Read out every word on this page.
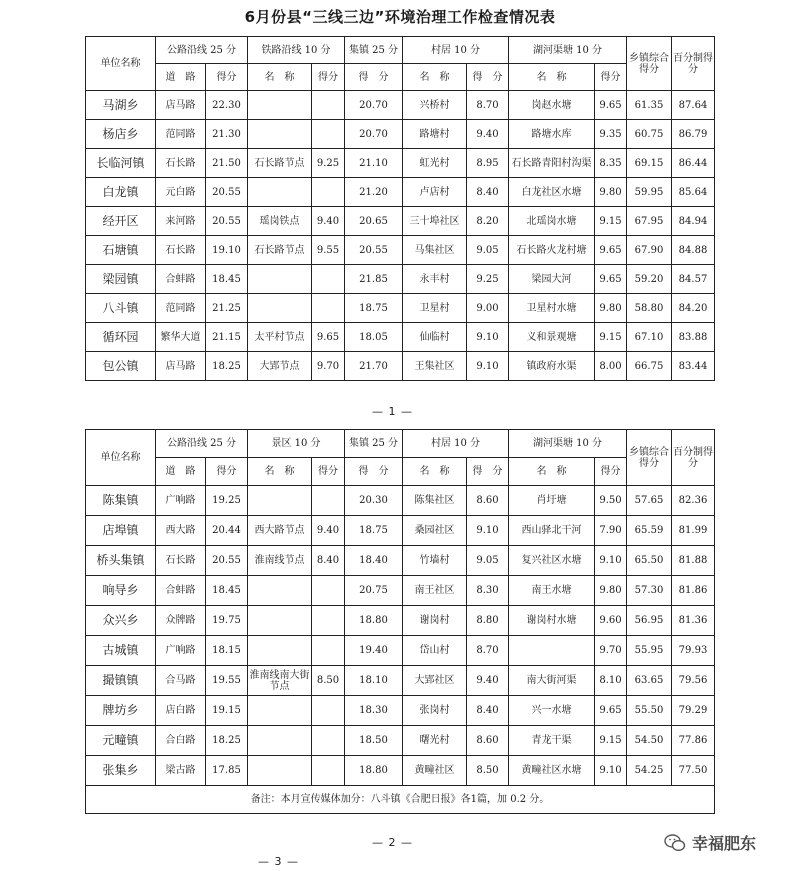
6月份县“三线三边”环境治理工作检查情况表
单位名称	公路沿线 25 分		铁路沿线 10 分		集镇 25 分	村居 10 分		湖河渠塘 10 分		乡镇综合得分	百分制得分
	道　路	得分	名　称	得分	得　分	名　称	得　分	名　称	得分		
马湖乡	店马路	22.30			20.70	兴桥村	8.70	岗赵水塘	9.65	61.35	87.64
杨店乡	范同路	21.30			20.70	路塘村	9.40	路塘水库	9.35	60.75	86.79
长临河镇	石长路	21.50	石长路节点	9.25	21.10	虹光村	8.95	石长路青阳村沟渠	8.35	69.15	86.44
白龙镇	元白路	20.55			21.20	卢店村	8.40	白龙社区水塘	9.80	59.95	85.64
经开区	来河路	20.55	瑶岗铁点	9.40	20.65	三十埠社区	8.20	北瑶岗水塘	9.15	67.95	84.94
石塘镇	石长路	19.10	石长路节点	9.55	20.55	马集社区	9.05	石长路火龙村塘	9.65	67.90	84.88
梁园镇	合蚌路	18.45			21.85	永丰村	9.25	梁园大河	9.65	59.20	84.57
八斗镇	范同路	21.25			18.75	卫星村	9.00	卫星村水塘	9.80	58.80	84.20
循环园	繁华大道	21.15	太平村节点	9.65	18.05	仙临村	9.10	义和景观塘	9.15	67.10	83.88
包公镇	店马路	18.25	大郢节点	9.70	21.70	王集社区	9.10	镇政府水渠	8.00	66.75	83.44
— 1 —
单位名称	公路沿线 25 分		景区 10 分		集镇 25 分	村居 10 分		湖河渠塘 10 分		乡镇综合得分	百分制得分
	道　路	得分	名　称	得分	得　分	名　称	得　分	名　称	得分		
陈集镇	广响路	19.25			20.30	陈集社区	8.60	肖圩塘	9.50	57.65	82.36
店埠镇	西大路	20.44	西大路节点	9.40	18.75	桑园社区	9.10	西山驿北干河	7.90	65.59	81.99
桥头集镇	石长路	20.55	淮南线节点	8.40	18.40	竹墙村	9.05	复兴社区水塘	9.10	65.50	81.88
响导乡	合蚌路	18.45			20.75	南王社区	8.30	南王水塘	9.80	57.30	81.86
众兴乡	众牌路	19.75			18.80	谢岗村	8.80	谢岗村水塘	9.60	56.95	81.36
古城镇	广响路	18.15			19.40	岱山村	8.70		9.70	55.95	79.93
撮镇镇	合马路	19.55	淮南线南大街节点	8.50	18.10	大郢社区	9.40	南大街河渠	8.10	63.65	79.56
牌坊乡	店白路	19.15			18.30	张岗村	8.40	兴一水塘	9.65	55.50	79.29
元疃镇	合白路	18.25			18.50	曙光村	8.60	青龙干渠	9.15	54.50	77.86
张集乡	梁古路	17.85			18.80	黄疃社区	8.50	黄疃社区水塘	9.10	54.25	77.50
备注：本月宣传媒体加分：八斗镇《合肥日报》各1篇，加 0.2 分。											
— 2 —
— 3 —
幸福肥东
